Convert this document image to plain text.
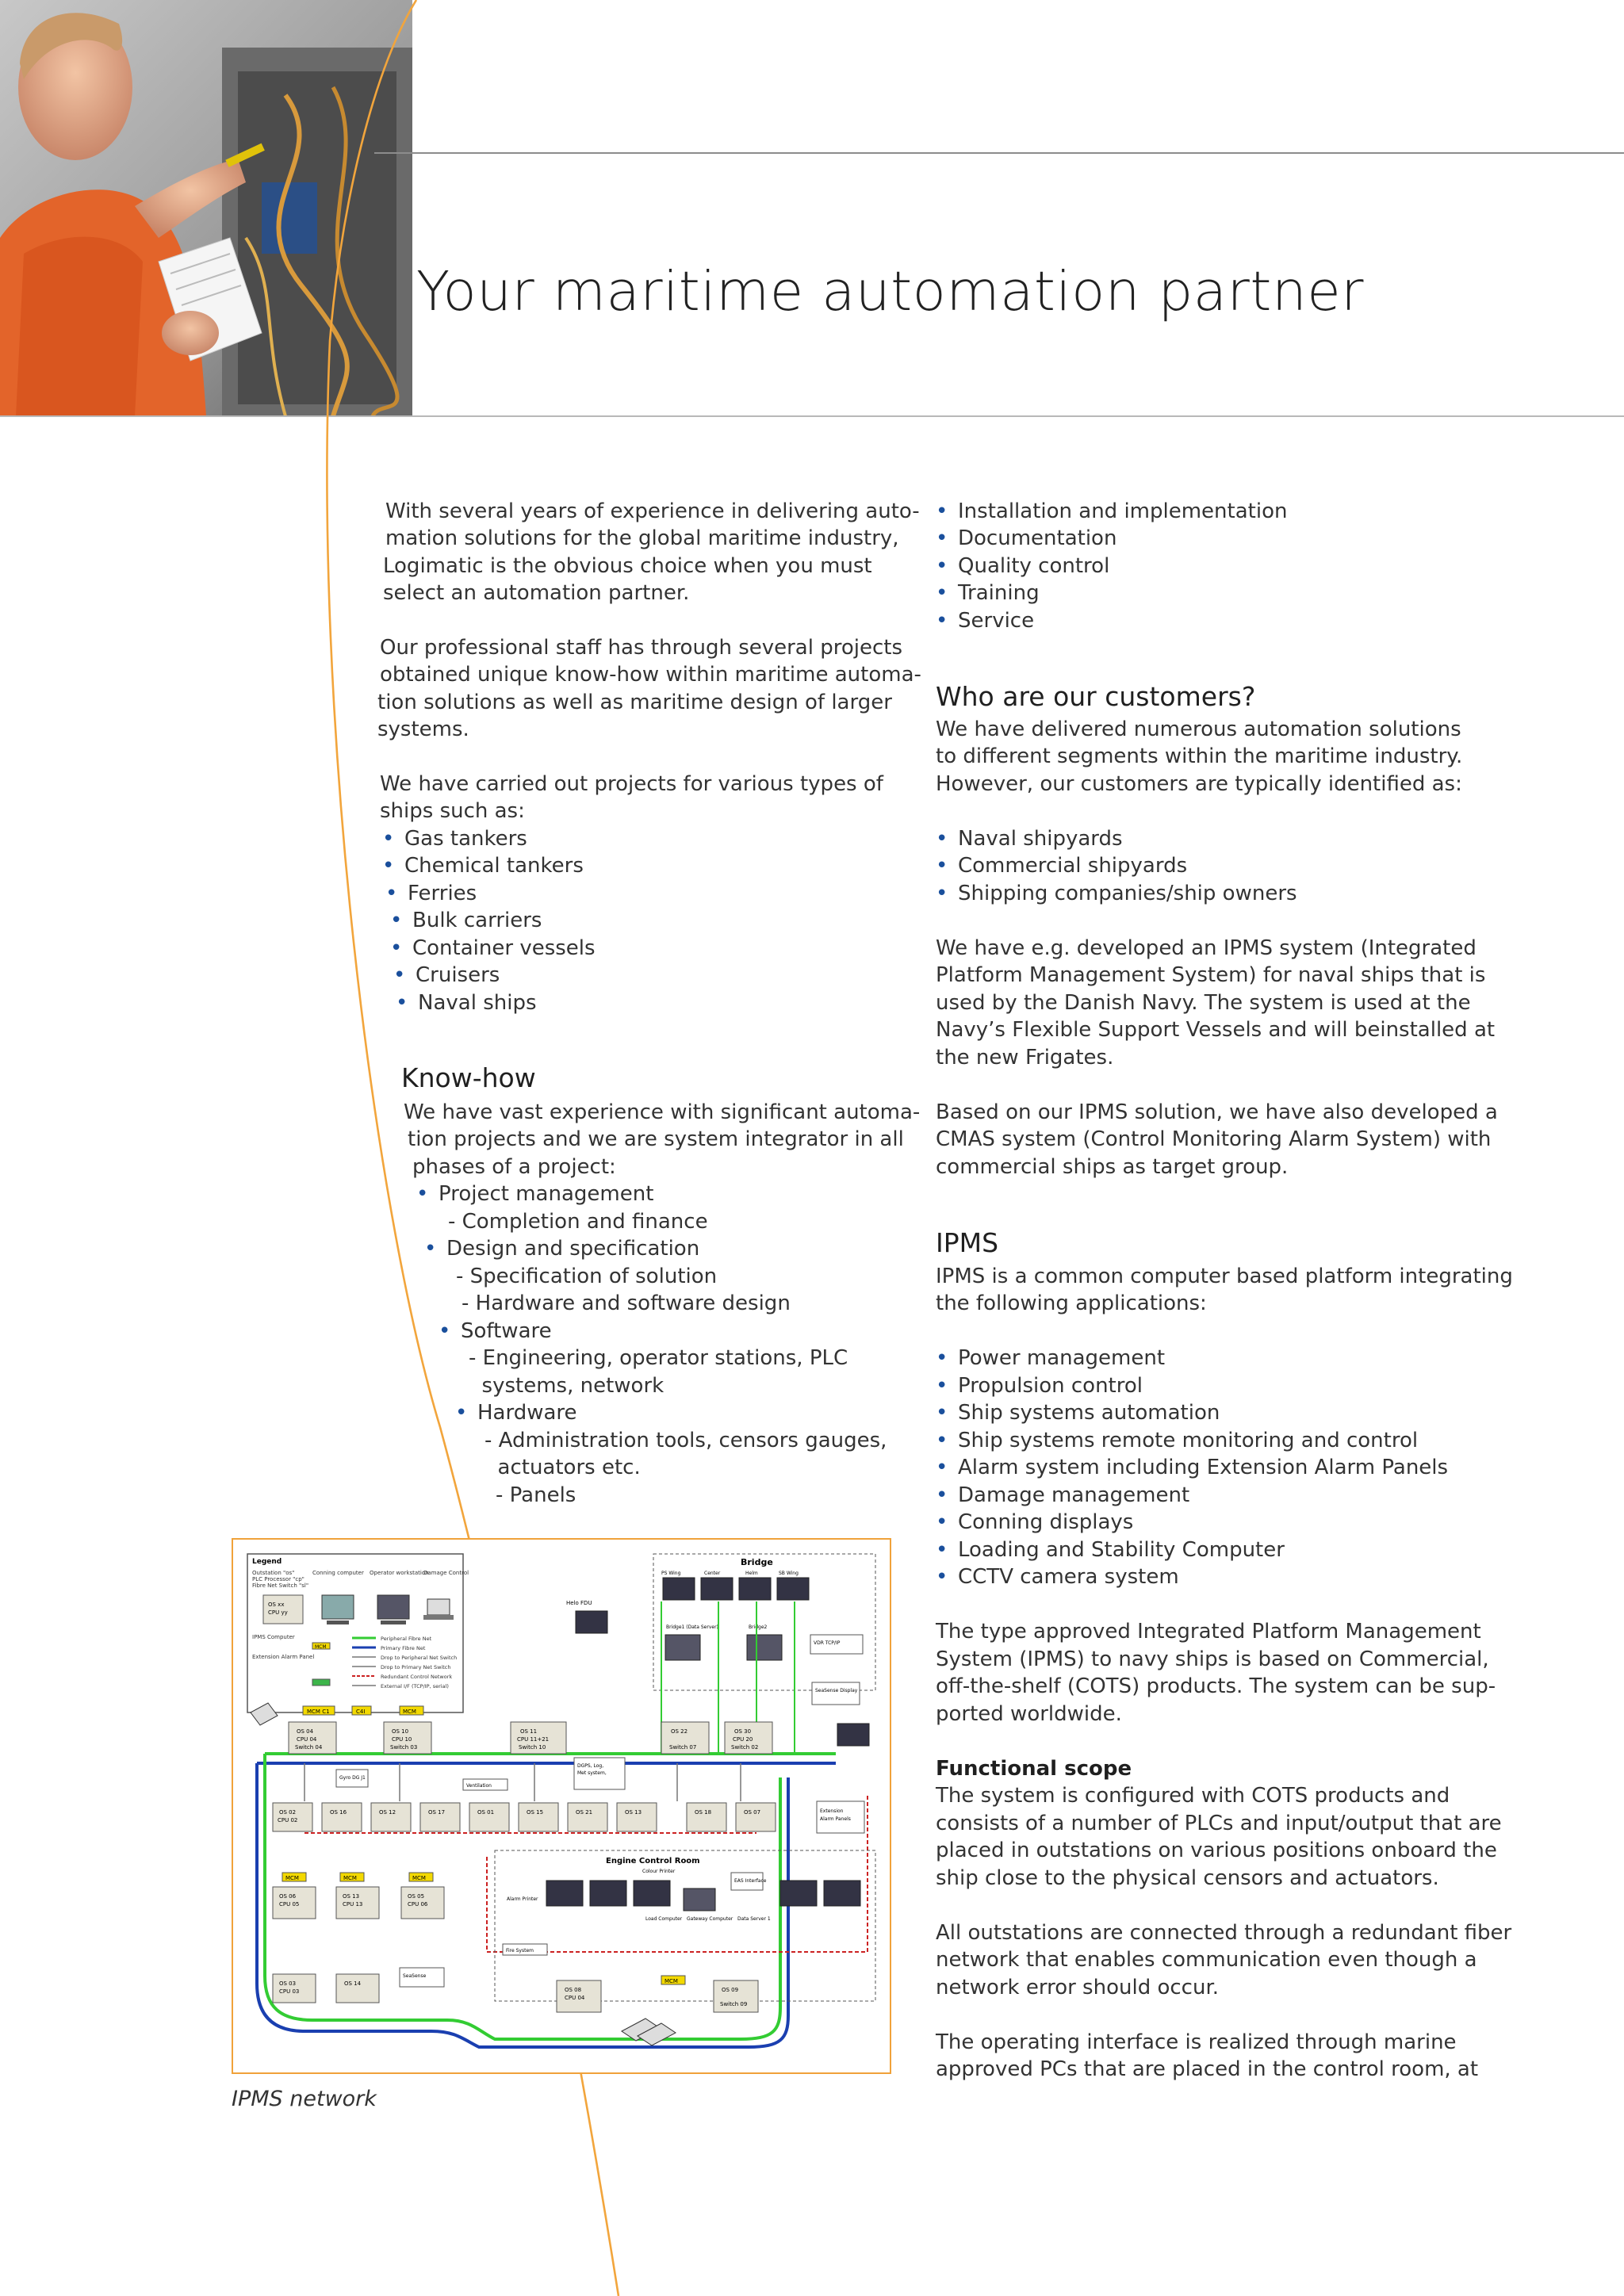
Your maritime automation partner
With several years of experience in delivering auto-
mation solutions for the global maritime industry,
Logimatic is the obvious choice when you must
select an automation partner.
Our professional staff has through several projects
obtained unique know-how within maritime automa-
tion solutions as well as maritime design of larger
systems.
We have carried out projects for various types of
ships such as:
• Gas tankers
• Chemical tankers
• Ferries
• Bulk carriers
• Container vessels
• Cruisers
• Naval ships
Know-how
We have vast experience with significant automa-
tion projects and we are system integrator in all
phases of a project:
• Project management
- Completion and finance
• Design and specification
- Specification of solution
- Hardware and software design
• Software
- Engineering, operator stations, PLC
systems, network
• Hardware
- Administration tools, censors gauges,
actuators etc.
- Panels
Legend
Outstation "os"
PLC Processor "cp"
Fibre Net Switch "sl"
OS xx
CPU yy
Conning computer Operator workstation
Damage Control
IPMS Computer
Extension Alarm Panel
MCM
Peripheral Fibre Net
Primary Fibre Net
Drop to Peripheral Net Switch
Drop to Primary Net Switch
Redundant Control Network
External I/F (TCP/IP, serial)
Bridge
PS Wing	Center	Helm	SB Wing
Bridge1 (Data Server)	Bridge2
VDR TCP/IP
SeaSense Display
Helo FDU
MCM C1	C4I	MCM
MCM	MCM	MCM
MCM
OS 04
CPU 04
Switch 04
OS 10
CPU 10
Switch 03
OS 11
CPU 11+21
Switch 10
OS 22
Switch 07
OS 30
CPU 20
Switch 02
DGPS, Log,
Met system,
Ventilation
Gyro DG J1
OS 02
CPU 02
OS 16	OS 12	OS 17	OS 01	OS 15	OS 21	OS 13	OS 18	OS 07	Extension
Alarm Panels
OS 06
CPU 05
OS 13
CPU 13
OS 05
CPU 06
Engine Control Room
Alarm Printer
Colour Printer
Load Computer Gateway Computer Data Server 1
EAS Interface
Fire System
OS 03
CPU 03
OS 14
OS 08
CPU 04
OS 09
Switch 09
SeaSense
IPMS network
• Installation and implementation
• Documentation
• Quality control
• Training
• Service
Who are our customers?
We have delivered numerous automation solutions
to different segments within the maritime industry.
However, our customers are typically identified as:
• Naval shipyards
• Commercial shipyards
• Shipping companies/ship owners
We have e.g. developed an IPMS system (Integrated
Platform Management System) for naval ships that is
used by the Danish Navy. The system is used at the
Navy’s Flexible Support Vessels and will beinstalled at
the new Frigates.
Based on our IPMS solution, we have also developed a
CMAS system (Control Monitoring Alarm System) with
commercial ships as target group.
IPMS
IPMS is a common computer based platform integrating
the following applications:
• Power management
• Propulsion control
• Ship systems automation
• Ship systems remote monitoring and control
• Alarm system including Extension Alarm Panels
• Damage management
• Conning displays
• Loading and Stability Computer
• CCTV camera system
The type approved Integrated Platform Management
System (IPMS) to navy ships is based on Commercial,
off-the-shelf (COTS) products. The system can be sup-
ported worldwide.
Functional scope
The system is configured with COTS products and
consists of a number of PLCs and input/output that are
placed in outstations on various positions onboard the
ship close to the physical censors and actuators.
All outstations are connected through a redundant fiber
network that enables communication even though a
network error should occur.
The operating interface is realized through marine
approved PCs that are placed in the control room, at
